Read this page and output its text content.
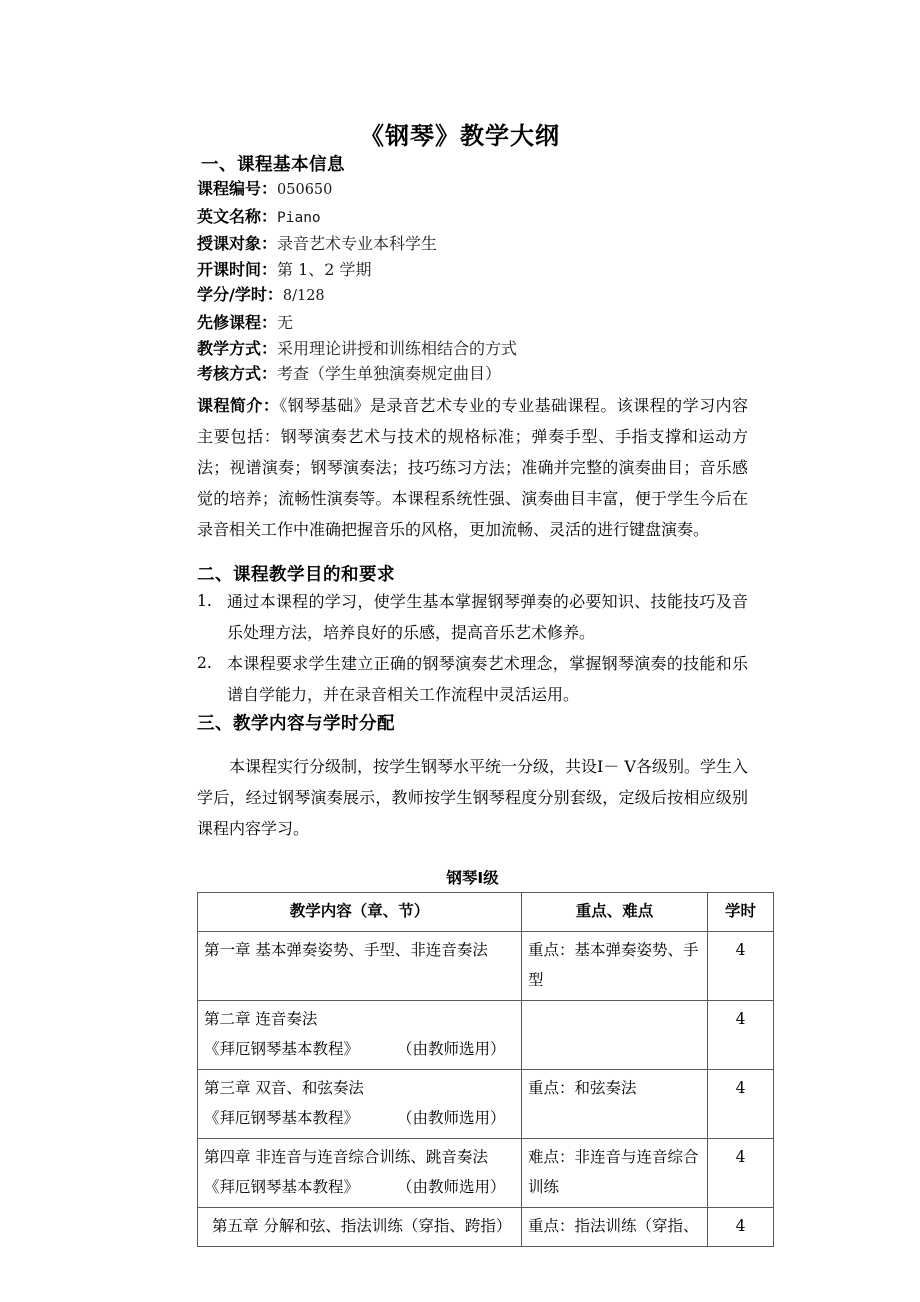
《钢琴》教学大纲
一、课程基本信息
课程编号：050650
英文名称：Piano
授课对象：录音艺术专业本科学生
开课时间：第 1、2 学期
学分/学时：8/128
先修课程：无
教学方式：采用理论讲授和训练相结合的方式
考核方式：考查（学生单独演奏规定曲目）

课程简介：《钢琴基础》是录音艺术专业的专业基础课程。该课程的学习内容主要包括：钢琴演奏艺术与技术的规格标准；弹奏手型、手指支撑和运动方法；视谱演奏；钢琴演奏法；技巧练习方法；准确并完整的演奏曲目；音乐感觉的培养；流畅性演奏等。本课程系统性强、演奏曲目丰富，便于学生今后在录音相关工作中准确把握音乐的风格，更加流畅、灵活的进行键盘演奏。

二、课程教学目的和要求
1. 通过本课程的学习，使学生基本掌握钢琴弹奏的必要知识、技能技巧及音乐处理方法，培养良好的乐感，提高音乐艺术修养。
2. 本课程要求学生建立正确的钢琴演奏艺术理念，掌握钢琴演奏的技能和乐谱自学能力，并在录音相关工作流程中灵活运用。
三、教学内容与学时分配

本课程实行分级制，按学生钢琴水平统一分级，共设Ⅰ－ Ⅴ各级别。学生入学后，经过钢琴演奏展示，教师按学生钢琴程度分别套级，定级后按相应级别课程内容学习。

钢琴Ⅰ级
教学内容（章、节）	重点、难点	学时

第一章 基本弹奏姿势、手型、非连音奏法	重点：基本弹奏姿势、手型	4

第二章 连音奏法
《拜厄钢琴基本教程》 （由教师选用）		4

第三章 双音、和弦奏法
《拜厄钢琴基本教程》 （由教师选用）	重点：和弦奏法	4

第四章 非连音与连音综合训练、跳音奏法
《拜厄钢琴基本教程》 （由教师选用）	难点：非连音与连音综合训练	4

第五章 分解和弦、指法训练（穿指、跨指）	重点：指法训练（穿指、	4
